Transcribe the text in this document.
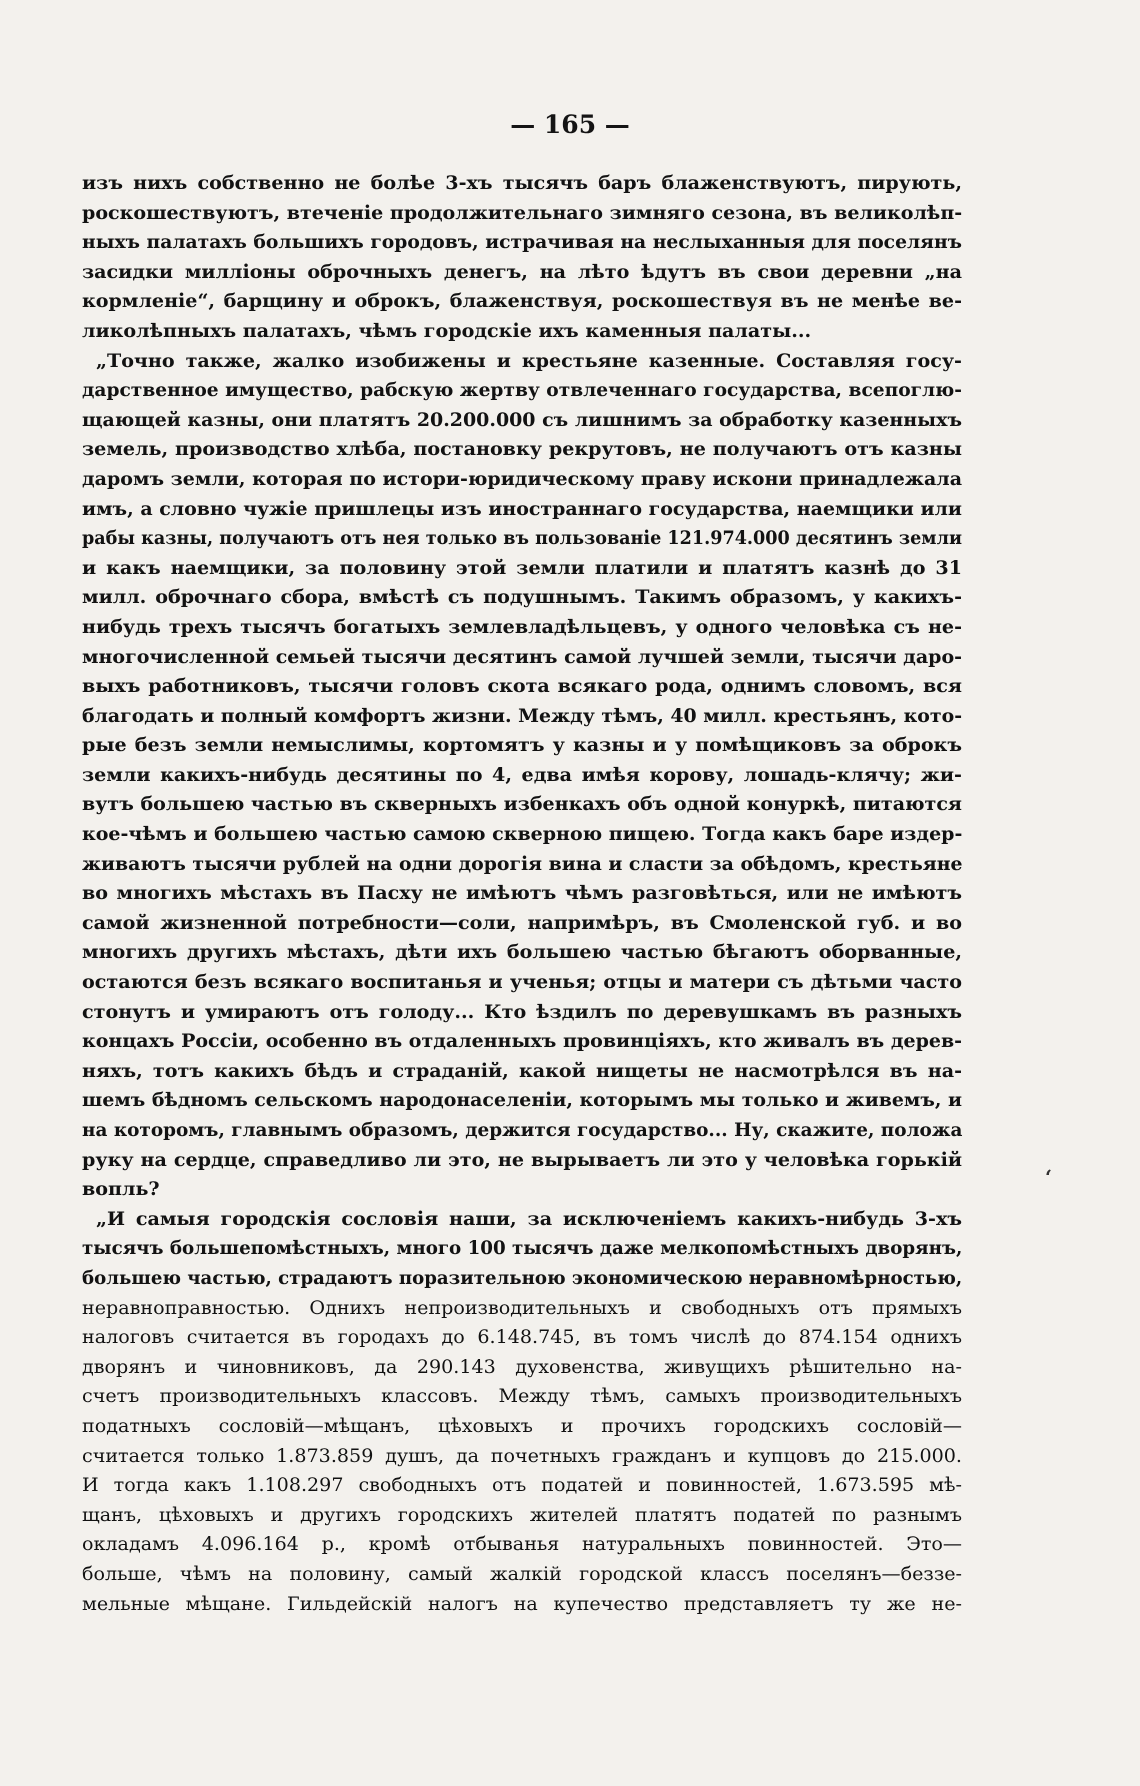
— 165 —
изъ нихъ собственно не болѣе 3-хъ тысячъ баръ блаженствуютъ, пирують,
роскошествуютъ, втеченіе продолжительнаго зимняго сезона, въ великолѣп-
ныхъ палатахъ большихъ городовъ, истрачивая на неслыханныя для поселянъ
засидки милліоны оброчныхъ денегъ, на лѣто ѣдутъ въ свои деревни „на
кормленіе“, барщину и оброкъ, блаженствуя, роскошествуя въ не менѣе ве-
ликолѣпныхъ палатахъ, чѣмъ городскіе ихъ каменныя палаты...
„Точно также, жалко изобижены и крестьяне казенные. Составляя госу-
дарственное имущество, рабскую жертву отвлеченнаго государства, всепоглю-
щающей казны, они платятъ 20.200.000 съ лишнимъ за обработку казенныхъ
земель, производство хлѣба, постановку рекрутовъ, не получаютъ отъ казны
даромъ земли, которая по истори-юридическому праву искони принадлежала
имъ, а словно чужіе пришлецы изъ иностраннаго государства, наемщики или
рабы казны, получаютъ отъ нея только въ пользованіе 121.974.000 десятинъ земли
и какъ наемщики, за половину этой земли платили и платятъ казнѣ до 31
милл. оброчнаго сбора, вмѣстѣ съ подушнымъ. Такимъ образомъ, у какихъ-
нибудь трехъ тысячъ богатыхъ землевладѣльцевъ, у одного человѣка съ не-
многочисленной семьей тысячи десятинъ самой лучшей земли, тысячи даро-
выхъ работниковъ, тысячи головъ скота всякаго рода, однимъ словомъ, вся
благодать и полный комфортъ жизни. Между тѣмъ, 40 милл. крестьянъ, кото-
рые безъ земли немыслимы, кортомятъ у казны и у помѣщиковъ за оброкъ
земли какихъ-нибудь десятины по 4, едва имѣя корову, лошадь-клячу; жи-
вутъ большею частью въ скверныхъ избенкахъ объ одной конуркѣ, питаются
кое-чѣмъ и большею частью самою скверною пищею. Тогда какъ баре издер-
живаютъ тысячи рублей на одни дорогія вина и сласти за обѣдомъ, крестьяне
во многихъ мѣстахъ въ Пасху не имѣютъ чѣмъ разговѣться, или не имѣютъ
самой жизненной потребности—соли, напримѣръ, въ Смоленской губ. и во
многихъ другихъ мѣстахъ, дѣти ихъ большею частью бѣгаютъ оборванные,
остаются безъ всякаго воспитанья и ученья; отцы и матери съ дѣтьми часто
стонутъ и умираютъ отъ голоду... Кто ѣздилъ по деревушкамъ въ разныхъ
концахъ Россіи, особенно въ отдаленныхъ провинціяхъ, кто живалъ въ дерев-
няхъ, тотъ какихъ бѣдъ и страданій, какой нищеты не насмотрѣлся въ на-
шемъ бѣдномъ сельскомъ народонаселеніи, которымъ мы только и живемъ, и
на которомъ, главнымъ образомъ, держится государство... Ну, скажите, положа
руку на сердце, справедливо ли это, не вырываетъ ли это у человѣка горькій
вопль?
„И самыя городскія сословія наши, за исключеніемъ какихъ-нибудь 3-хъ
тысячъ большепомѣстныхъ, много 100 тысячъ даже мелкопомѣстныхъ дворянъ,
большею частью, страдаютъ поразительною экономическою неравномѣрностью,
неравноправностью. Однихъ непроизводительныхъ и свободныхъ отъ прямыхъ
налоговъ считается въ городахъ до 6.148.745, въ томъ числѣ до 874.154 однихъ
дворянъ и чиновниковъ, да 290.143 духовенства, живущихъ рѣшительно на-
счетъ производительныхъ классовъ. Между тѣмъ, самыхъ производительныхъ
податныхъ сословій—мѣщанъ, цѣховыхъ и прочихъ городскихъ сословій—
считается только 1.873.859 душъ, да почетныхъ гражданъ и купцовъ до 215.000.
И тогда какъ 1.108.297 свободныхъ отъ податей и повинностей, 1.673.595 мѣ-
щанъ, цѣховыхъ и другихъ городскихъ жителей платятъ податей по разнымъ
окладамъ 4.096.164 р., кромѣ отбыванья натуральныхъ повинностей. Это—
больше, чѣмъ на половину, самый жалкій городской классъ поселянъ—беззе-
мельные мѣщане. Гильдейскій налогъ на купечество представляетъ ту же не-
ʻ
